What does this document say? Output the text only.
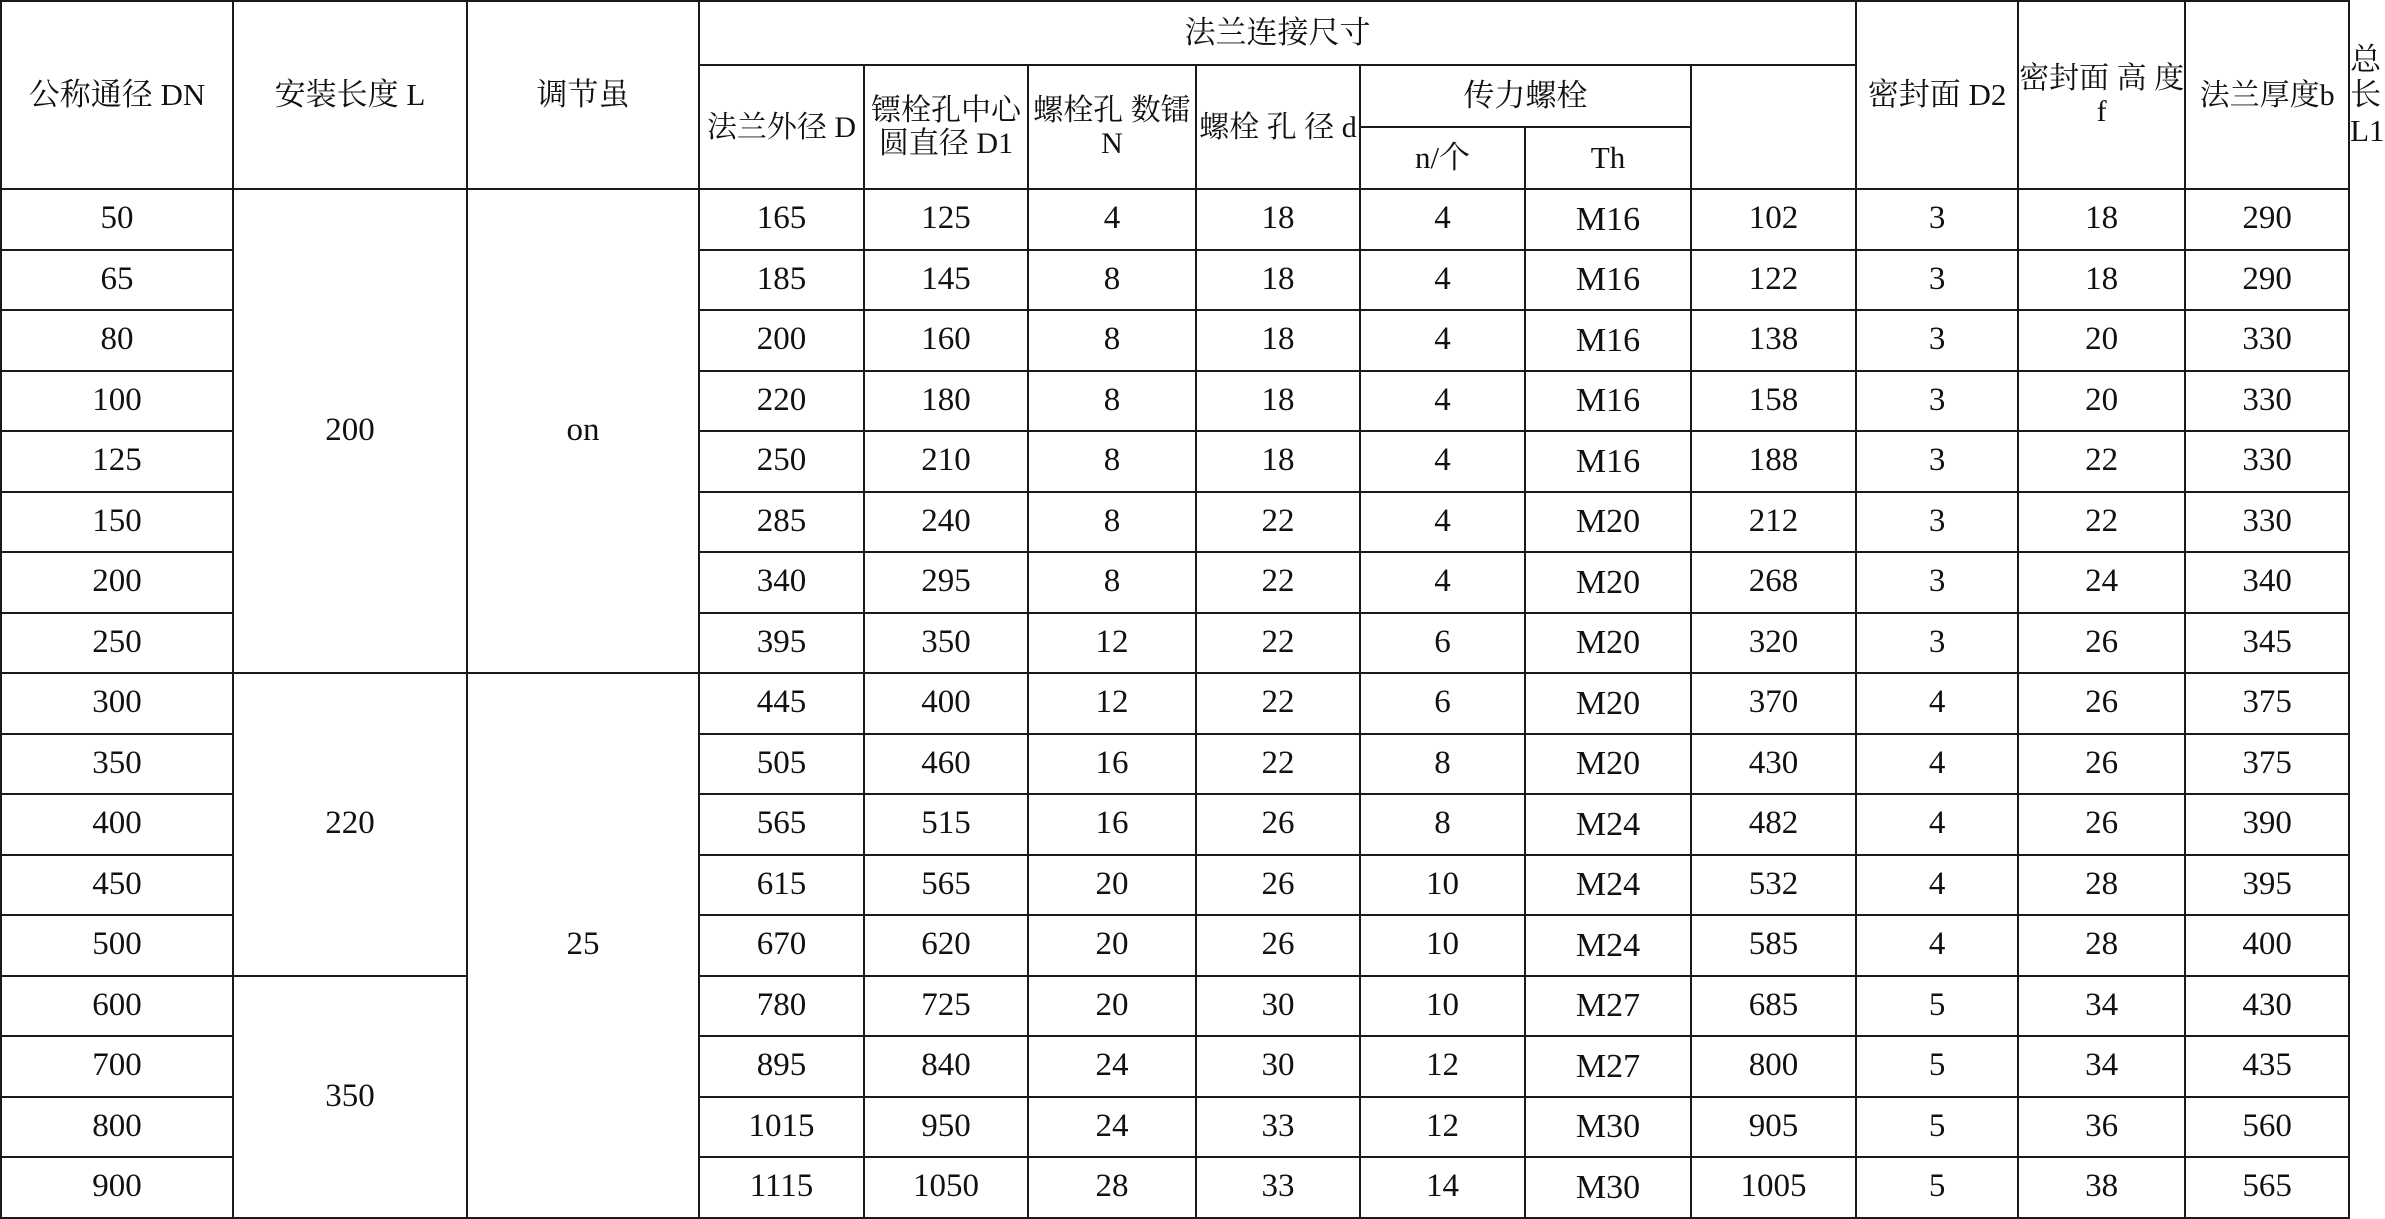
公称通径 DN	安装长度 L	调节虽	法兰连接尺寸							密封面 D2	密封面 高 度 f	法兰厚度b	总长 L1
			法兰外径 D	镖栓孔中心 圆直径 D1	螺栓孔 数镭 N	螺栓 孔 径 d	传力螺栓						
							n/个	Th					
50	200	on	165	125	4	18	4	M16	102	3	18	290	
65			185	145	8	18	4	M16	122	3	18	290	
80			200	160	8	18	4	M16	138	3	20	330	
100			220	180	8	18	4	M16	158	3	20	330	
125			250	210	8	18	4	M16	188	3	22	330	
150			285	240	8	22	4	M20	212	3	22	330	
200			340	295	8	22	4	M20	268	3	24	340	
250			395	350	12	22	6	M20	320	3	26	345	
300	220	25	445	400	12	22	6	M20	370	4	26	375	
350			505	460	16	22	8	M20	430	4	26	375	
400			565	515	16	26	8	M24	482	4	26	390	
450			615	565	20	26	10	M24	532	4	28	395	
500			670	620	20	26	10	M24	585	4	28	400	
600	350		780	725	20	30	10	M27	685	5	34	430	
700			895	840	24	30	12	M27	800	5	34	435	
800			1015	950	24	33	12	M30	905	5	36	560	
900			1115	1050	28	33	14	M30	1005	5	38	565	
